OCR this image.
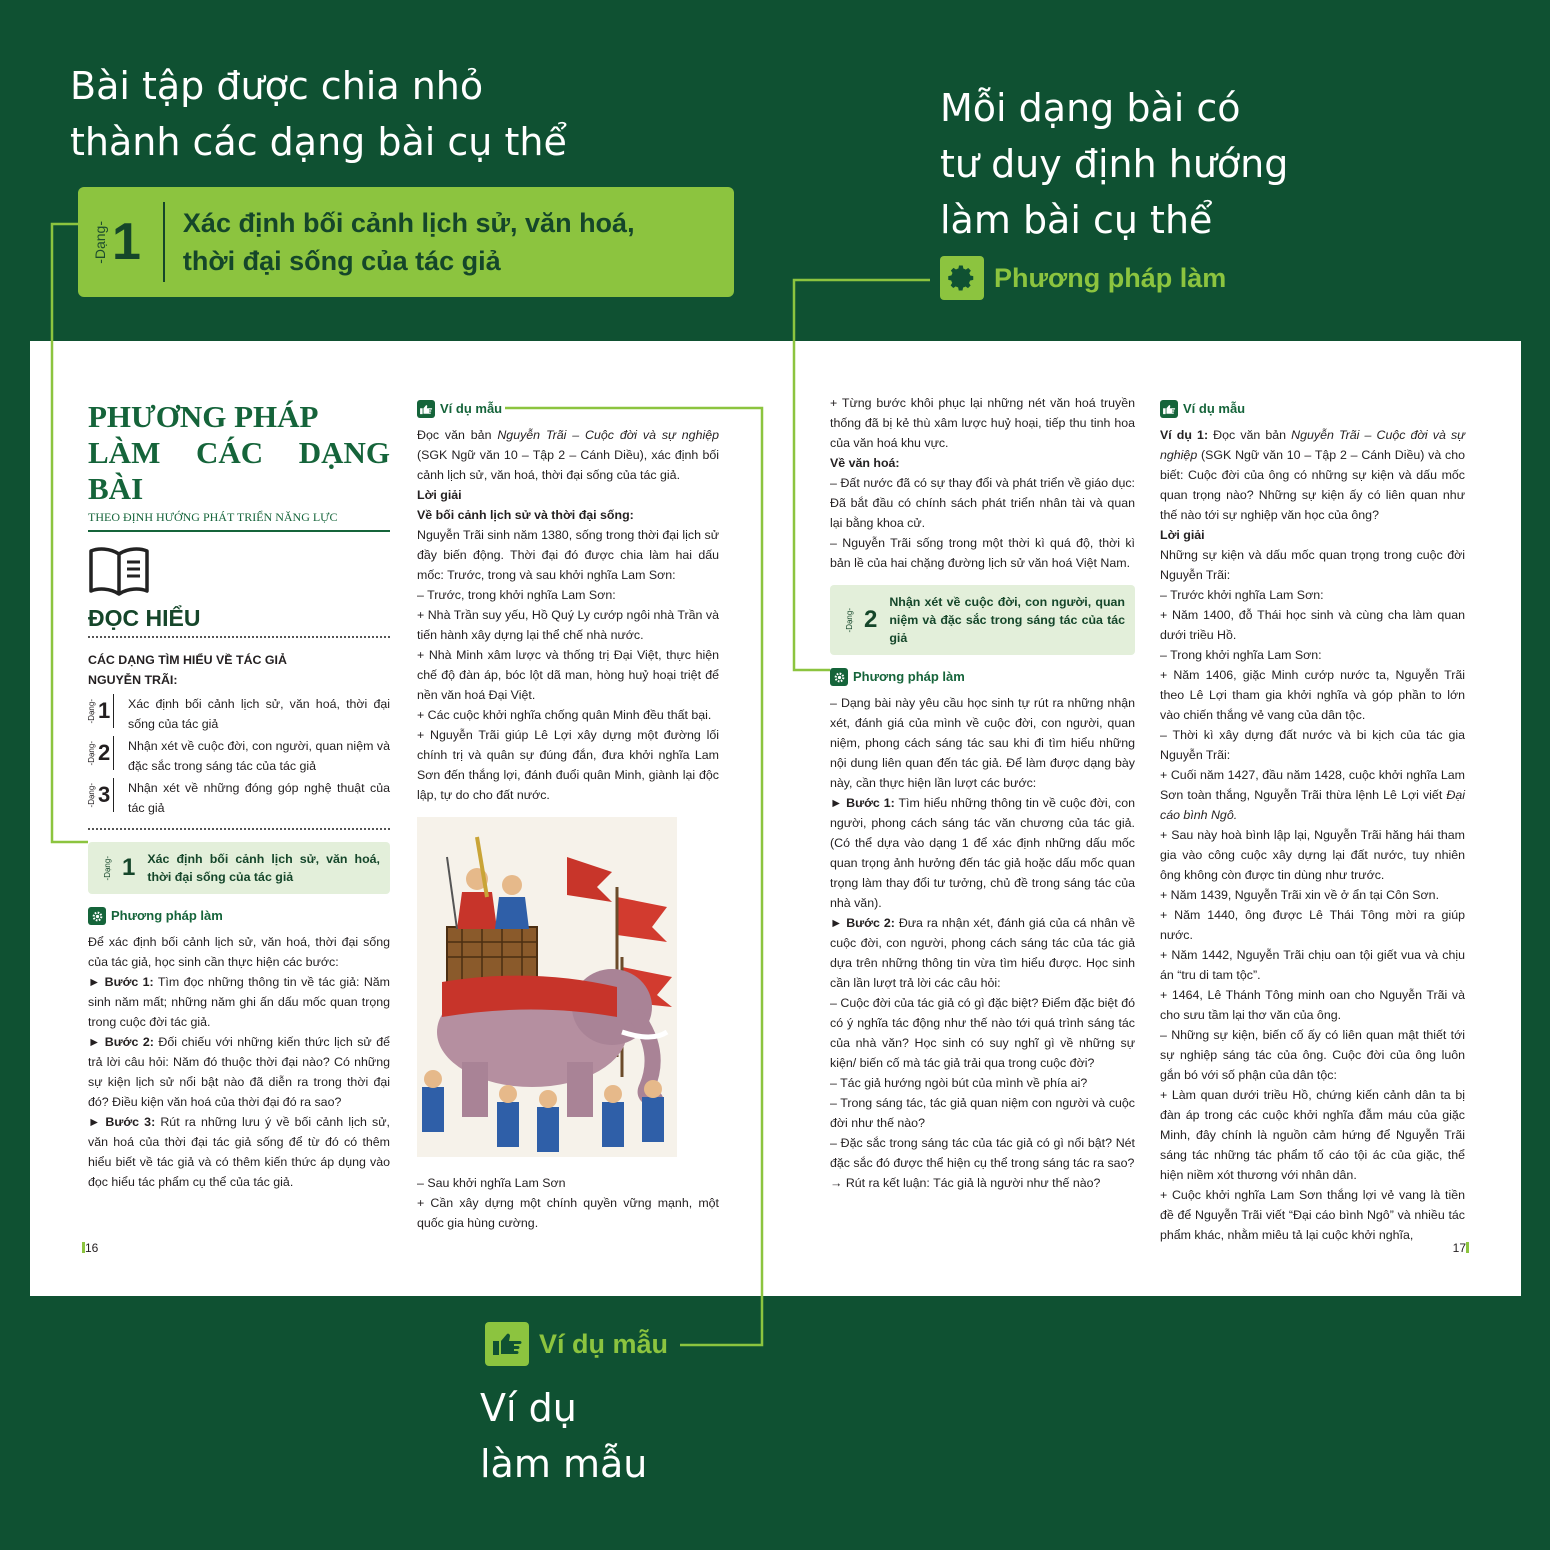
Bài tập được chia nhỏ
thành các dạng bài cụ thể
Mỗi dạng bài có
tư duy định hướng
làm bài cụ thể
Ví dụ
làm mẫu
-Dạng- 1 Xác định bối cảnh lịch sử, văn hoá,
thời đại sống của tác giả
Phương pháp làm
Ví dụ mẫu
PHƯƠNG PHÁP
LÀM CÁC DẠNG BÀI
THEO ĐỊNH HƯỚNG PHÁT TRIỂN NĂNG LỰC
ĐỌC HIỂU
CÁC DẠNG TÌM HIỂU VỀ TÁC GIẢ
NGUYỄN TRÃI:
-Dạng- 1	Xác định bối cảnh lịch sử, văn hoá, thời đại sống của tác giả
-Dạng- 2	Nhận xét về cuộc đời, con người, quan niệm và đặc sắc trong sáng tác của tác giả
-Dạng- 3	Nhận xét về những đóng góp nghệ thuật của tác giả
-Dạng- 1 Xác định bối cảnh lịch sử, văn hoá, thời đại sống của tác giả
Phương pháp làm

Để xác định bối cảnh lịch sử, văn hoá, thời đại sống của tác giả, học sinh cần thực hiện các bước:

► Bước 1: Tìm đọc những thông tin về tác giả: Năm sinh năm mất; những năm ghi ấn dấu mốc quan trọng trong cuộc đời tác giả.

► Bước 2: Đối chiếu với những kiến thức lịch sử để trả lời câu hỏi: Năm đó thuộc thời đại nào? Có những sự kiện lịch sử nổi bật nào đã diễn ra trong thời đại đó? Điều kiện văn hoá của thời đại đó ra sao?

► Bước 3: Rút ra những lưu ý về bối cảnh lịch sử, văn hoá của thời đại tác giả sống để từ đó có thêm hiểu biết về tác giả và có thêm kiến thức áp dụng vào đọc hiểu tác phẩm cụ thể của tác giả.

Ví dụ mẫu

Đọc văn bản Nguyễn Trãi – Cuộc đời và sự nghiệp (SGK Ngữ văn 10 – Tập 2 – Cánh Diều), xác định bối cảnh lịch sử, văn hoá, thời đại sống của tác giả.

Lời giải

Về bối cảnh lịch sử và thời đại sống:

Nguyễn Trãi sinh năm 1380, sống trong thời đại lịch sử đầy biến động. Thời đại đó được chia làm hai dấu mốc: Trước, trong và sau khởi nghĩa Lam Sơn:

– Trước, trong khởi nghĩa Lam Sơn:

+ Nhà Trần suy yếu, Hồ Quý Ly cướp ngôi nhà Trần và tiến hành xây dựng lại thể chế nhà nước.

+ Nhà Minh xâm lược và thống trị Đại Việt, thực hiện chế độ đàn áp, bóc lột dã man, hòng huỷ hoại triệt để nền văn hoá Đại Việt.

+ Các cuộc khởi nghĩa chống quân Minh đều thất bại.

+ Nguyễn Trãi giúp Lê Lợi xây dựng một đường lối chính trị và quân sự đúng đắn, đưa khởi nghĩa Lam Sơn đến thắng lợi, đánh đuổi quân Minh, giành lại độc lập, tự do cho đất nước.

– Sau khởi nghĩa Lam Sơn

+ Cần xây dựng một chính quyền vững mạnh, một quốc gia hùng cường.

16

+ Từng bước khôi phục lại những nét văn hoá truyền thống đã bị kẻ thù xâm lược huỷ hoại, tiếp thu tinh hoa của văn hoá khu vực.

Về văn hoá:

– Đất nước đã có sự thay đổi và phát triển về giáo dục: Đã bắt đầu có chính sách phát triển nhân tài và quan lại bằng khoa cử.

– Nguyễn Trãi sống trong một thời kì quá độ, thời kì bản lề của hai chặng đường lịch sử văn hoá Việt Nam.

-Dạng- 2
Nhận xét về cuộc đời, con người, quan niệm và đặc sắc trong sáng tác của tác giả
Phương pháp làm

– Dạng bài này yêu cầu học sinh tự rút ra những nhận xét, đánh giá của mình về cuộc đời, con người, quan niệm, phong cách sáng tác sau khi đi tìm hiểu những nội dung liên quan đến tác giả. Để làm được dạng bày này, cần thực hiện lần lượt các bước:

► Bước 1: Tìm hiểu những thông tin về cuộc đời, con người, phong cách sáng tác văn chương của tác giả. (Có thể dựa vào dạng 1 để xác định những dấu mốc quan trọng ảnh hưởng đến tác giả hoặc dấu mốc quan trọng làm thay đổi tư tưởng, chủ đề trong sáng tác của nhà văn).

► Bước 2: Đưa ra nhận xét, đánh giá của cá nhân về cuộc đời, con người, phong cách sáng tác của tác giả dựa trên những thông tin vừa tìm hiểu được. Học sinh cần lần lượt trả lời các câu hỏi:

– Cuộc đời của tác giả có gì đặc biệt? Điểm đặc biệt đó có ý nghĩa tác động như thế nào tới quá trình sáng tác của nhà văn? Học sinh có suy nghĩ gì về những sự kiện/ biến cố mà tác giả trải qua trong cuộc đời?

– Tác giả hướng ngòi bút của mình về phía ai?

– Trong sáng tác, tác giả quan niệm con người và cuộc đời như thế nào?

– Đặc sắc trong sáng tác của tác giả có gì nổi bật? Nét đặc sắc đó được thể hiện cụ thể trong sáng tác ra sao?

→ Rút ra kết luận: Tác giả là người như thế nào?

Ví dụ mẫu

Ví dụ 1: Đọc văn bản Nguyễn Trãi – Cuộc đời và sự nghiệp (SGK Ngữ văn 10 – Tập 2 – Cánh Diều) và cho biết: Cuộc đời của ông có những sự kiện và dấu mốc quan trọng nào? Những sự kiện ấy có liên quan như thế nào tới sự nghiệp văn học của ông?

Lời giải

Những sự kiện và dấu mốc quan trọng trong cuộc đời Nguyễn Trãi:

– Trước khởi nghĩa Lam Sơn:

+ Năm 1400, đỗ Thái học sinh và cùng cha làm quan dưới triều Hồ.

– Trong khởi nghĩa Lam Sơn:

+ Năm 1406, giặc Minh cướp nước ta, Nguyễn Trãi theo Lê Lợi tham gia khởi nghĩa và góp phần to lớn vào chiến thắng vẻ vang của dân tộc.

– Thời kì xây dựng đất nước và bi kịch của tác gia Nguyễn Trãi:

+ Cuối năm 1427, đầu năm 1428, cuộc khởi nghĩa Lam Sơn toàn thắng, Nguyễn Trãi thừa lệnh Lê Lợi viết Đại cáo bình Ngô.

+ Sau này hoà bình lập lại, Nguyễn Trãi hăng hái tham gia vào công cuộc xây dựng lại đất nước, tuy nhiên ông không còn được tin dùng như trước.

+ Năm 1439, Nguyễn Trãi xin về ở ẩn tại Côn Sơn.

+ Năm 1440, ông được Lê Thái Tông mời ra giúp nước.

+ Năm 1442, Nguyễn Trãi chịu oan tội giết vua và chịu án “tru di tam tộc”.

+ 1464, Lê Thánh Tông minh oan cho Nguyễn Trãi và cho sưu tầm lại thơ văn của ông.

– Những sự kiện, biến cố ấy có liên quan mật thiết tới sự nghiệp sáng tác của ông. Cuộc đời của ông luôn gắn bó với số phận của dân tộc:

+ Làm quan dưới triều Hồ, chứng kiến cảnh dân ta bị đàn áp trong các cuộc khởi nghĩa đẫm máu của giặc Minh, đây chính là nguồn cảm hứng để Nguyễn Trãi sáng tác những tác phẩm tố cáo tội ác của giặc, thể hiện niềm xót thương với nhân dân.

+ Cuộc khởi nghĩa Lam Sơn thắng lợi vẻ vang là tiền đề để Nguyễn Trãi viết “Đại cáo bình Ngô” và nhiều tác phẩm khác, nhằm miêu tả lại cuộc khởi nghĩa,

17
